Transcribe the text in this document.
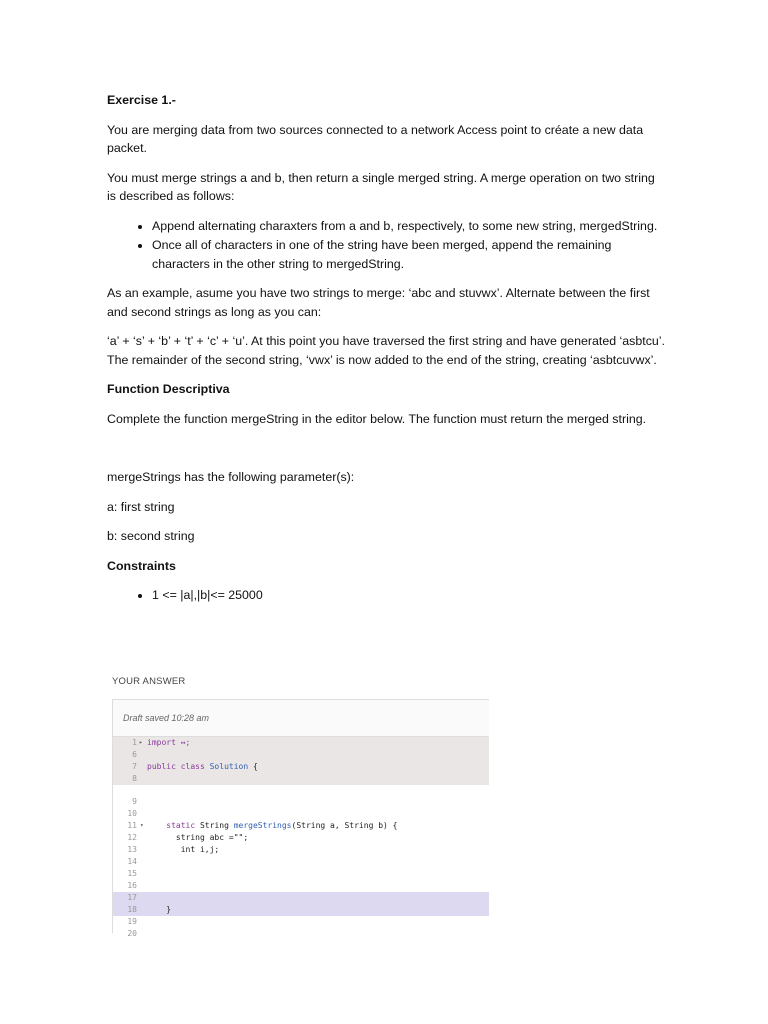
Exercise 1.-

You are merging data from two sources connected to a network Access point to créate a new data packet.

You must merge strings a and b, then return a single merged string. A merge operation on two string is described as follows:

• Append alternating charaxters from a and b, respectively, to some new string, mergedString.
• Once all of characters in one of the string have been merged, append the remaining characters in the other string to mergedString.

As an example, asume you have two strings to merge: ‘abc and stuvwx’. Alternate between the first and second strings as long as you can:

‘a’ + ‘s’ + ‘b’ + ‘t’ + ‘c’ + ‘u’. At this point you have traversed the first string and have generated ‘asbtcu’. The remainder of the second string, ‘vwx’ is now added to the end of the string, creating ‘asbtcuvwx’.

Function Descriptiva

Complete the function mergeString in the editor below. The function must return the merged string.

mergeStrings has the following parameter(s):

a: first string

b: second string

Constraints

• 1 <= |a|,|b|<= 25000
YOUR ANSWER
Draft saved 10:28 am
1 ▸ import ↔;
6
7 public class Solution {
8
9
10
11 ▾ static String mergeStrings(String a, String b) {
12      string abc ="";
13       int i,j;
14
15
16
17
18    }
19
20
